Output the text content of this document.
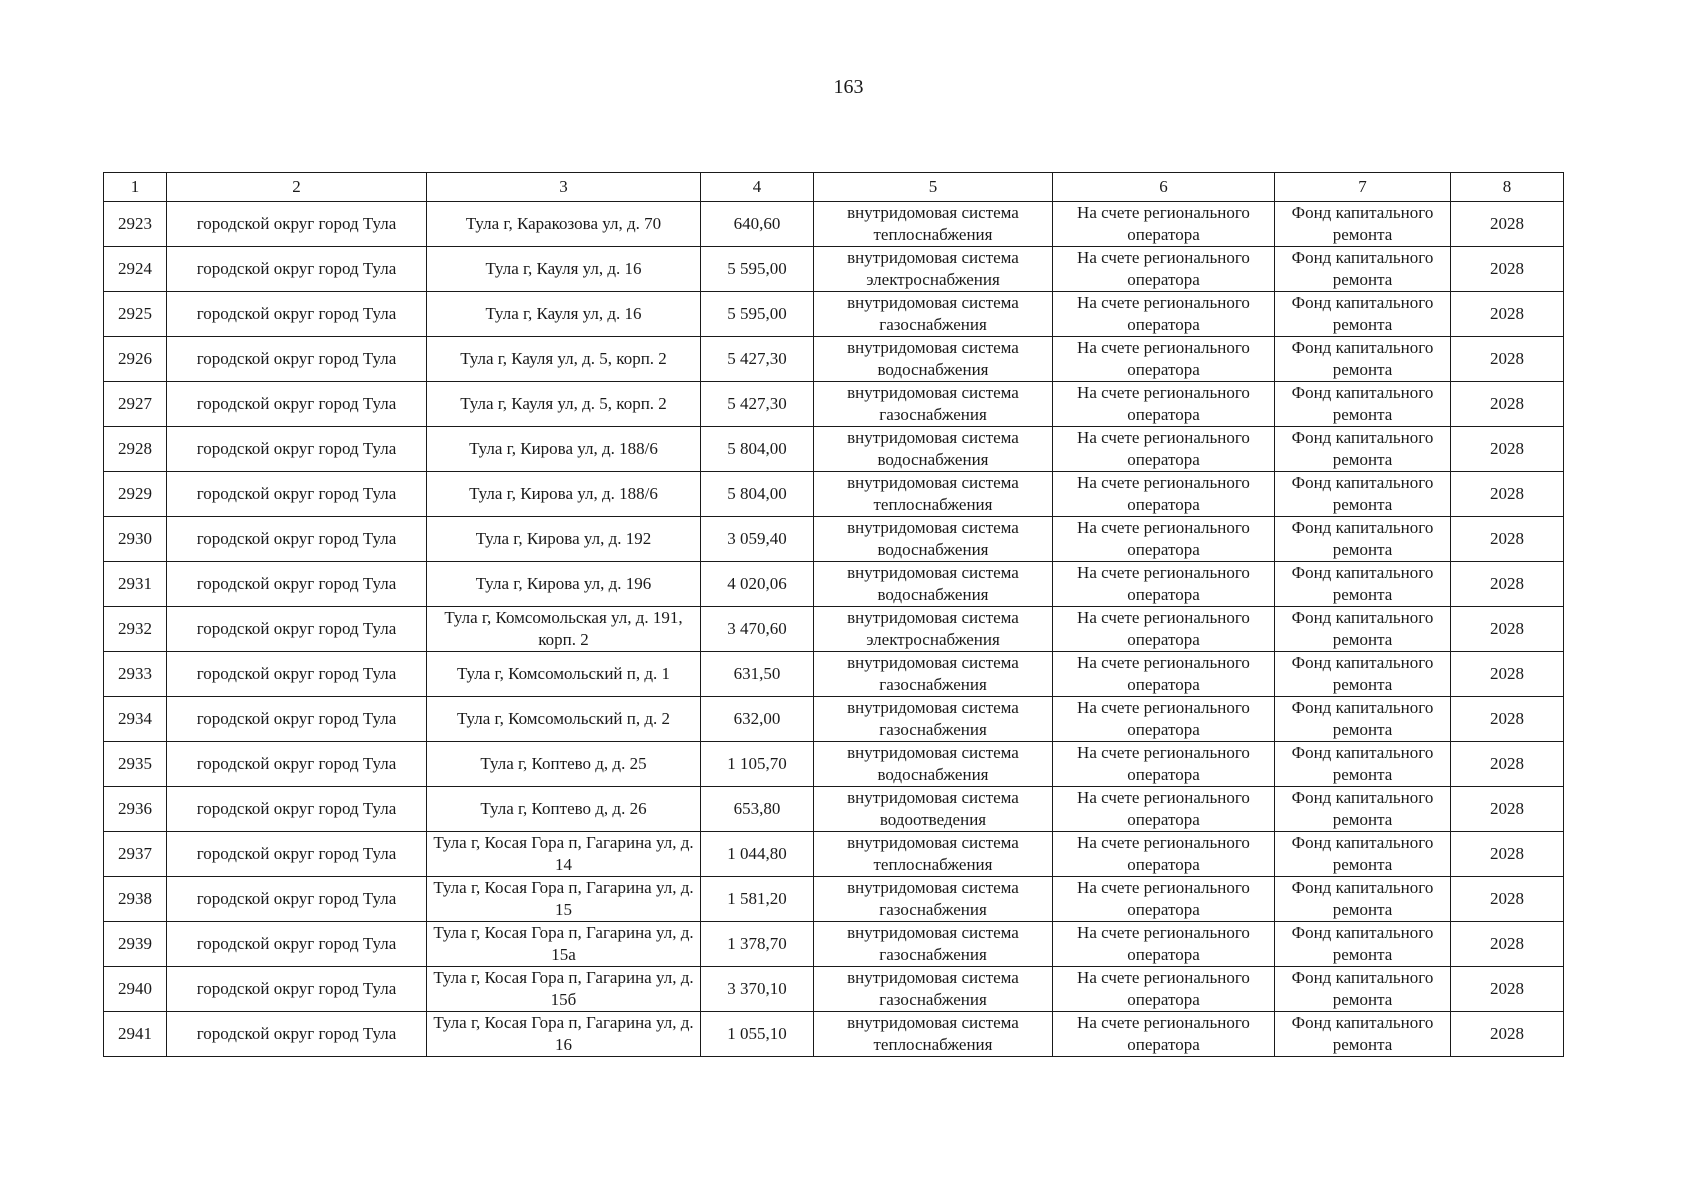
163
1	2	3	4	5	6	7	8
2923	городской округ город Тула	Тула г, Каракозова ул, д. 70	640,60	внутридомовая система теплоснабжения	На счете регионального оператора	Фонд капитального ремонта	2028
2924	городской округ город Тула	Тула г, Кауля ул, д. 16	5 595,00	внутридомовая система электроснабжения	На счете регионального оператора	Фонд капитального ремонта	2028
2925	городской округ город Тула	Тула г, Кауля ул, д. 16	5 595,00	внутридомовая система газоснабжения	На счете регионального оператора	Фонд капитального ремонта	2028
2926	городской округ город Тула	Тула г, Кауля ул, д. 5, корп. 2	5 427,30	внутридомовая система водоснабжения	На счете регионального оператора	Фонд капитального ремонта	2028
2927	городской округ город Тула	Тула г, Кауля ул, д. 5, корп. 2	5 427,30	внутридомовая система газоснабжения	На счете регионального оператора	Фонд капитального ремонта	2028
2928	городской округ город Тула	Тула г, Кирова ул, д. 188/6	5 804,00	внутридомовая система водоснабжения	На счете регионального оператора	Фонд капитального ремонта	2028
2929	городской округ город Тула	Тула г, Кирова ул, д. 188/6	5 804,00	внутридомовая система теплоснабжения	На счете регионального оператора	Фонд капитального ремонта	2028
2930	городской округ город Тула	Тула г, Кирова ул, д. 192	3 059,40	внутридомовая система водоснабжения	На счете регионального оператора	Фонд капитального ремонта	2028
2931	городской округ город Тула	Тула г, Кирова ул, д. 196	4 020,06	внутридомовая система водоснабжения	На счете регионального оператора	Фонд капитального ремонта	2028
2932	городской округ город Тула	Тула г, Комсомольская ул, д. 191, корп. 2	3 470,60	внутридомовая система электроснабжения	На счете регионального оператора	Фонд капитального ремонта	2028
2933	городской округ город Тула	Тула г, Комсомольский п, д. 1	631,50	внутридомовая система газоснабжения	На счете регионального оператора	Фонд капитального ремонта	2028
2934	городской округ город Тула	Тула г, Комсомольский п, д. 2	632,00	внутридомовая система газоснабжения	На счете регионального оператора	Фонд капитального ремонта	2028
2935	городской округ город Тула	Тула г, Коптево д, д. 25	1 105,70	внутридомовая система водоснабжения	На счете регионального оператора	Фонд капитального ремонта	2028
2936	городской округ город Тула	Тула г, Коптево д, д. 26	653,80	внутридомовая система водоотведения	На счете регионального оператора	Фонд капитального ремонта	2028
2937	городской округ город Тула	Тула г, Косая Гора п, Гагарина ул, д. 14	1 044,80	внутридомовая система теплоснабжения	На счете регионального оператора	Фонд капитального ремонта	2028
2938	городской округ город Тула	Тула г, Косая Гора п, Гагарина ул, д. 15	1 581,20	внутридомовая система газоснабжения	На счете регионального оператора	Фонд капитального ремонта	2028
2939	городской округ город Тула	Тула г, Косая Гора п, Гагарина ул, д. 15а	1 378,70	внутридомовая система газоснабжения	На счете регионального оператора	Фонд капитального ремонта	2028
2940	городской округ город Тула	Тула г, Косая Гора п, Гагарина ул, д. 15б	3 370,10	внутридомовая система газоснабжения	На счете регионального оператора	Фонд капитального ремонта	2028
2941	городской округ город Тула	Тула г, Косая Гора п, Гагарина ул, д. 16	1 055,10	внутридомовая система теплоснабжения	На счете регионального оператора	Фонд капитального ремонта	2028
